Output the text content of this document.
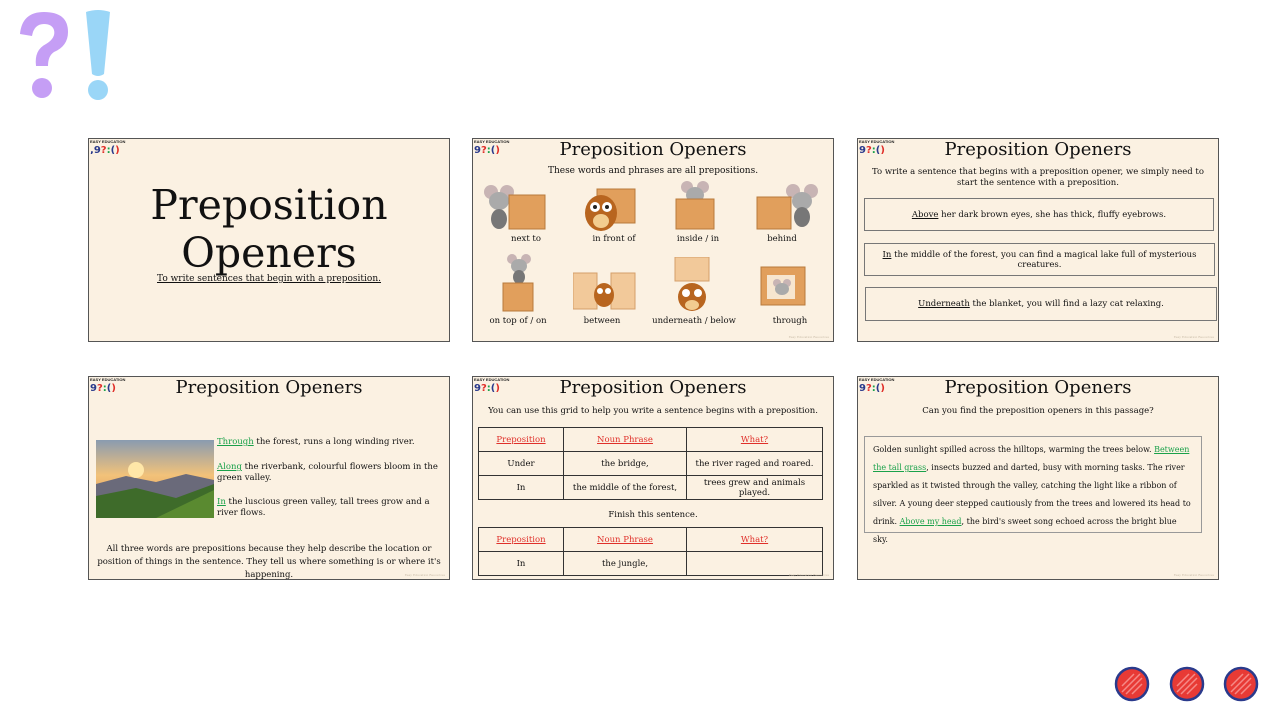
EASY EDUCATION
,9?:()
Preposition Openers
To write sentences that begin with a preposition.
EASY EDUCATION
9?:()	Preposition Openers
These words and phrases are all prepositions.
next to	in front of	inside / in	behind
on top of / on	between	underneath / below	through
Easy Education Resources
EASY EDUCATION
9?:()	Preposition Openers
To write a sentence that begins with a preposition opener, we simply need to start the sentence with a preposition.
Above her dark brown eyes, she has thick, fluffy eyebrows.
In the middle of the forest, you can find a magical lake full of mysterious creatures.
Underneath the blanket, you will find a lazy cat relaxing.
Easy Education Resources
EASY EDUCATION
9?:()	Preposition Openers
Through the forest, runs a long winding river.
Along the riverbank, colourful flowers bloom in the green valley.
In the luscious green valley, tall trees grow and a river flows.
All three words are prepositions because they help describe the location or position of things in the sentence. They tell us where something is or where it's happening.	Easy Education Resources
EASY EDUCATION
9?:()	Preposition Openers
You can use this grid to help you write a sentence begins with a preposition.
Preposition	Noun Phrase	What?
Under	the bridge,	the river raged and roared.
In	the middle of the forest,	trees grew and animals played.
Finish this sentence.
Preposition	Noun Phrase	What?
In	the jungle,	
Easy Education Resources
EASY EDUCATION
9?:()	Preposition Openers
Can you find the preposition openers in this passage?
Golden sunlight spilled across the hilltops, warming the trees below. Between the tall grass, insects buzzed and darted, busy with morning tasks. The river sparkled as it twisted through the valley, catching the light like a ribbon of silver. A young deer stepped cautiously from the trees and lowered its head to drink. Above my head, the bird's sweet song echoed across the bright blue sky.
Easy Education Resources
